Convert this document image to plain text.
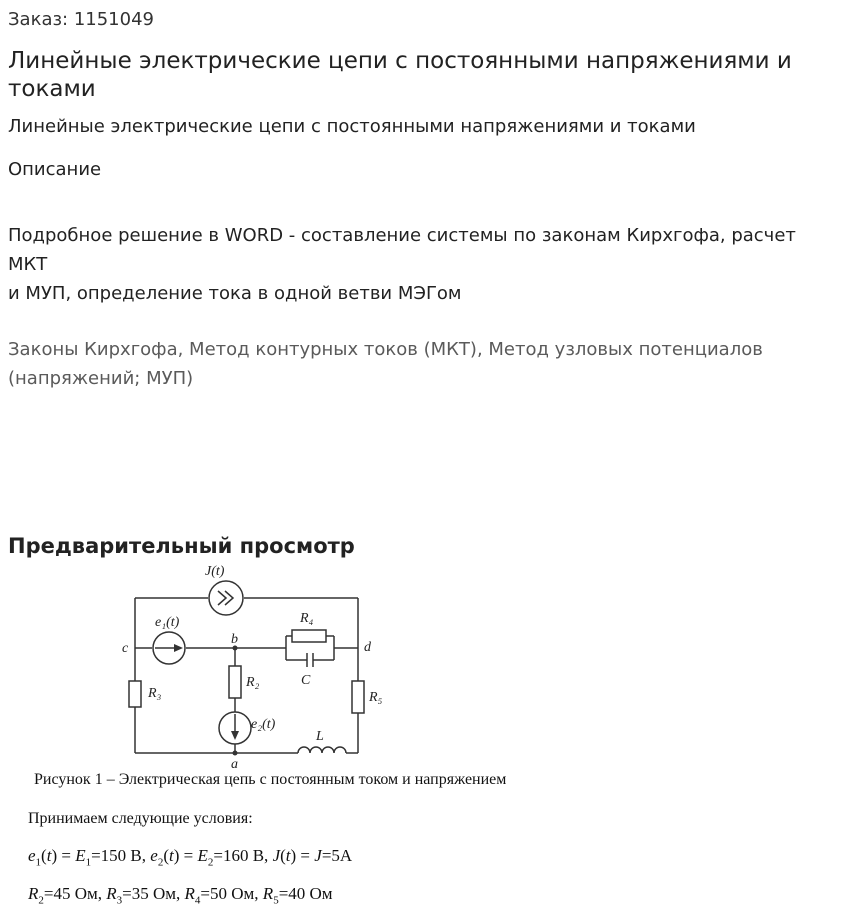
Заказ: 1151049
Линейные электрические цепи с постоянными напряжениями и токами
Линейные электрические цепи с постоянными напряжениями и токами
Описание
Подробное решение в WORD - составление системы по законам Кирхгофа, расчет МКТ
и МУП, определение тока в одной ветви МЭГом
Законы Кирхгофа, Метод контурных токов (МКТ), Метод узловых потенциалов (напряжений; МУП)
Предварительный просмотр
J(t)
e₁(t)
e₂(t)
R₂
R₃
R₄
R₅
C
L
a
b
c	d
Рисунок 1 – Электрическая цепь с постоянным током и напряжением
Принимаем следующие условия:
$e_1(t) = E_1=150$ В, $e_2(t) = E_2=160$ В, J(t) = J=5А
$R_2=45$ Ом, $R_3=35$ Ом, $R_4=50$ Ом, $R_5=40$ Ом
